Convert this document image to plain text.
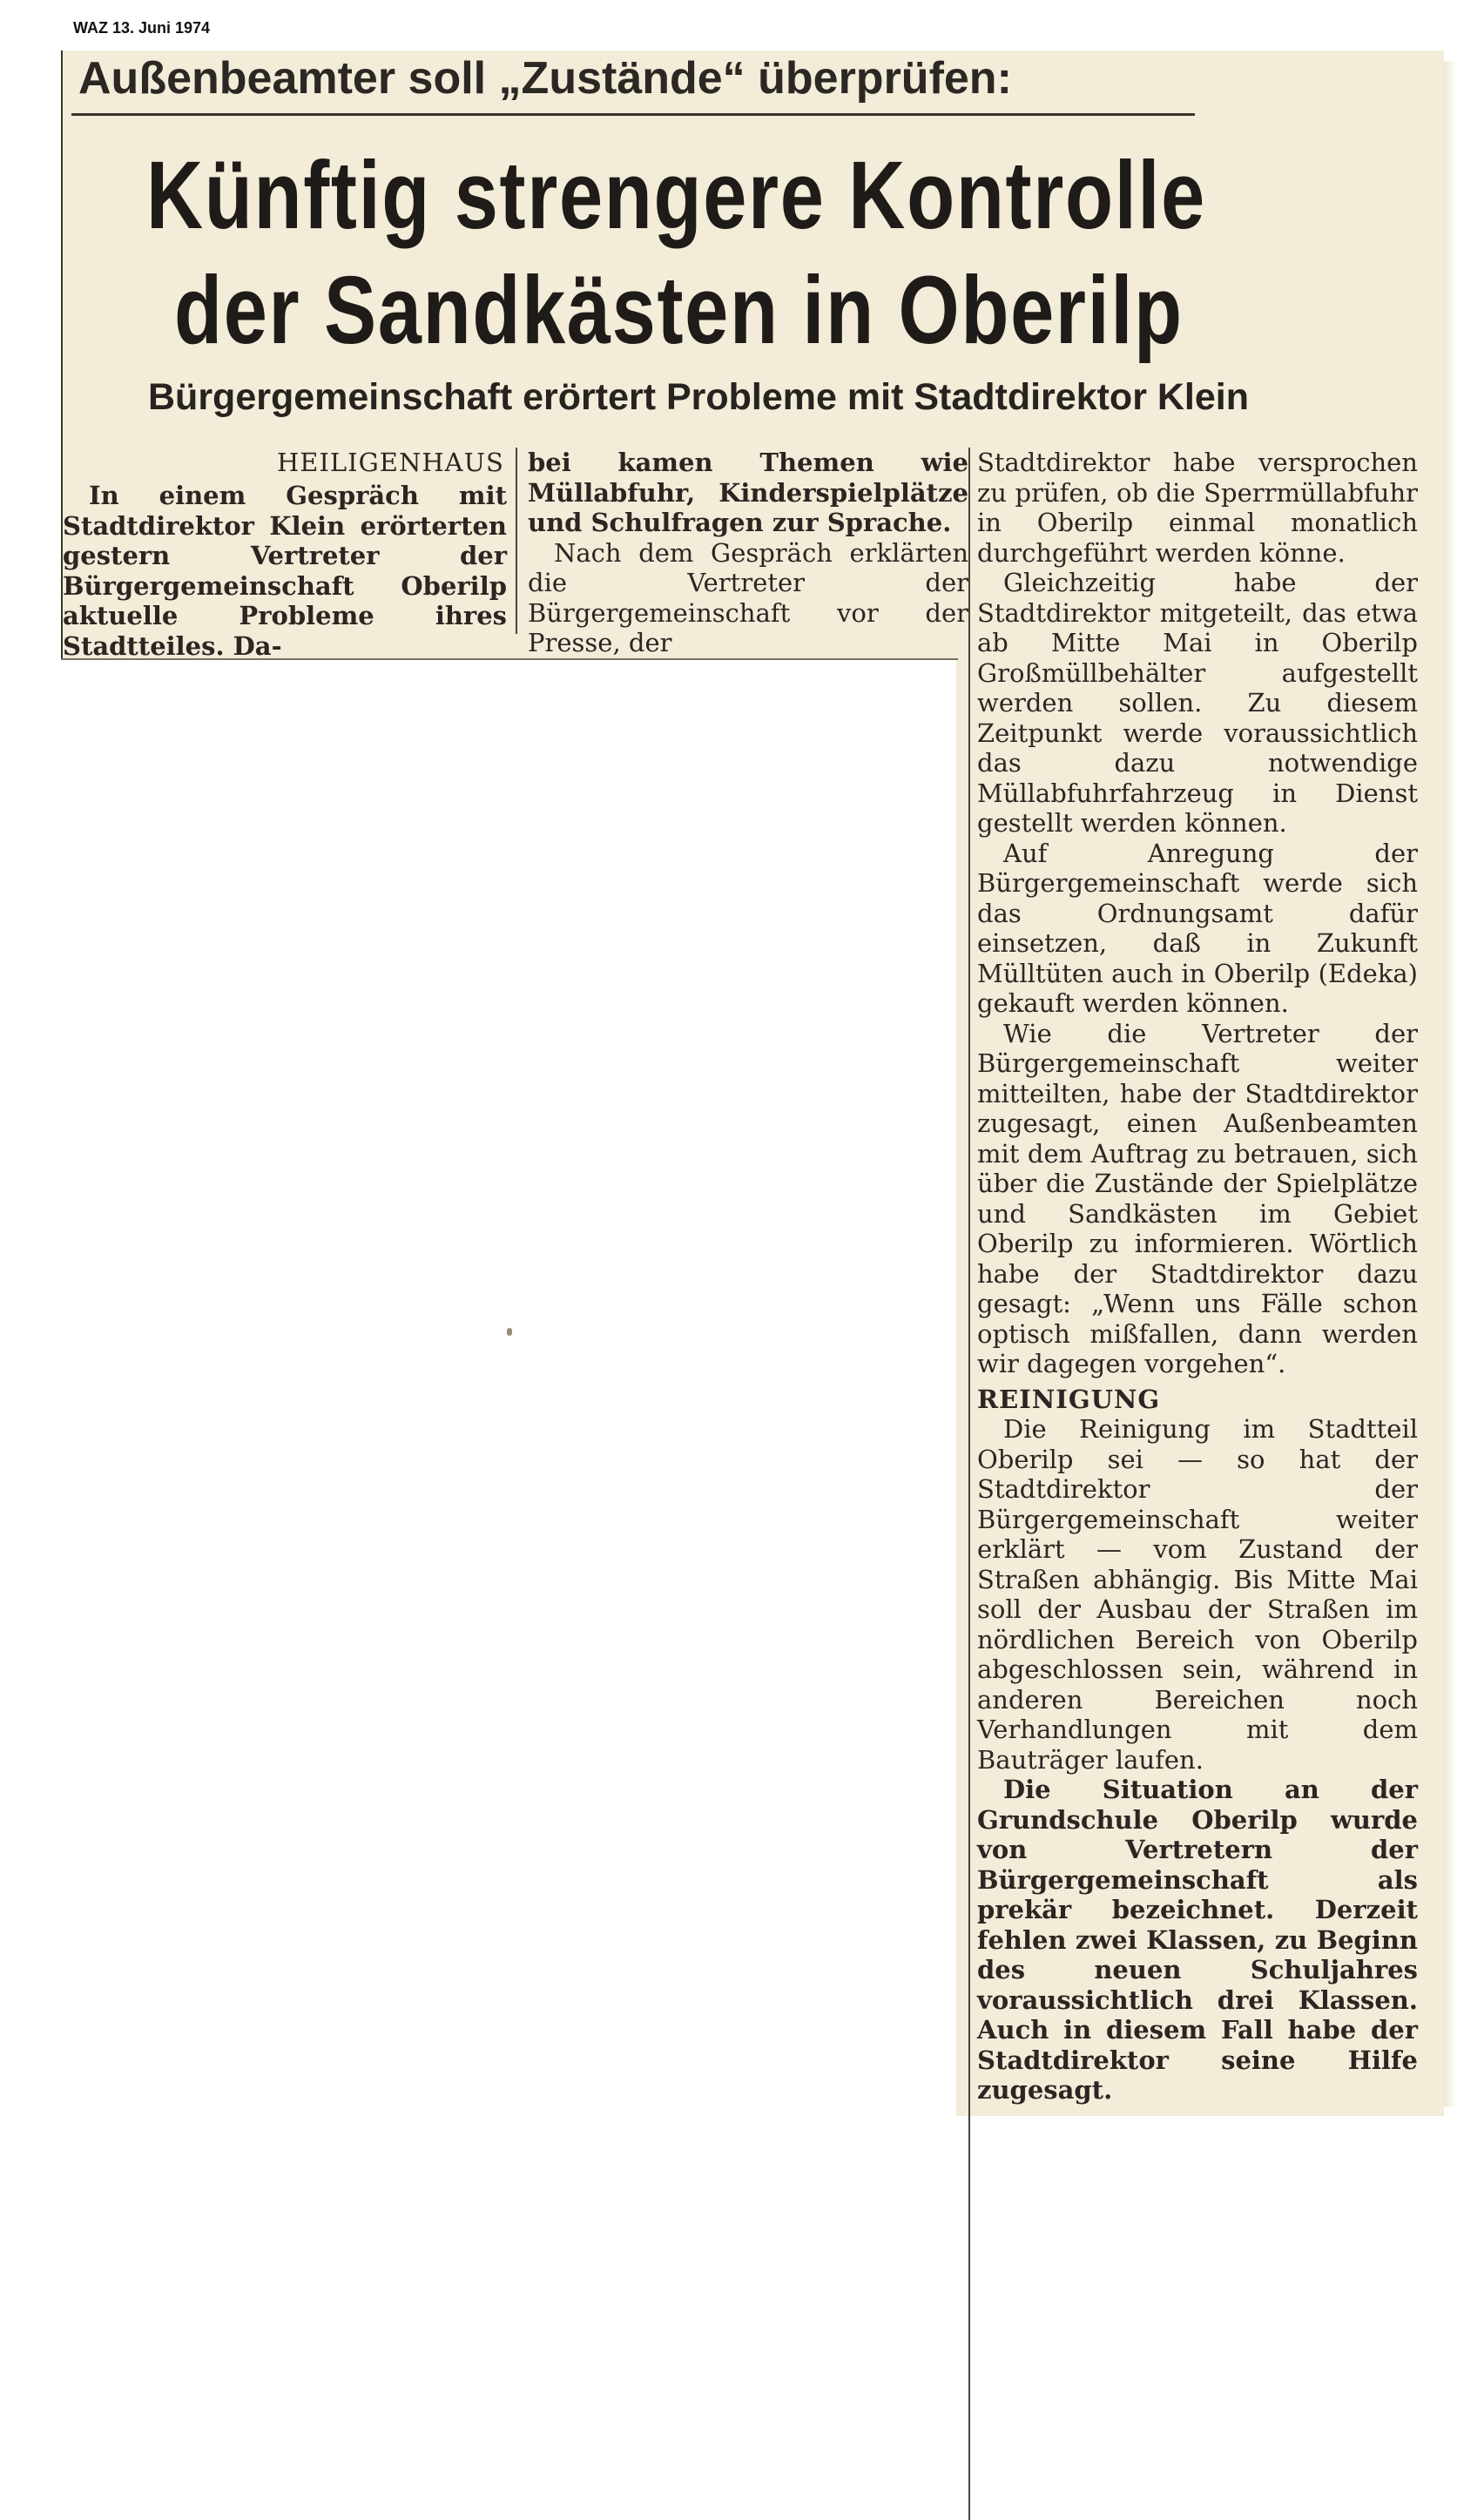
WAZ 13. Juni 1974
Außenbeamter soll „Zustände“ überprüfen:
Künftig strengere Kontrolle
der Sandkästen in Oberilp
Bürgergemeinschaft erörtert Probleme mit Stadtdirektor Klein
HEILIGENHAUS

In einem Gespräch mit Stadtdirektor Klein erörterten gestern Vertreter der Bürgergemeinschaft Oberilp aktuelle Probleme ihres Stadtteiles. Da-

bei kamen Themen wie Müllabfuhr, Kinderspielplätze und Schulfragen zur Sprache.

Nach dem Gespräch erklärten die Vertreter der Bürgergemeinschaft vor der Presse, der

Stadtdirektor habe versprochen zu prüfen, ob die Sperrmüllabfuhr in Oberilp einmal monatlich durchgeführt werden könne.

Gleichzeitig habe der Stadtdirektor mitgeteilt, das etwa ab Mitte Mai in Oberilp Großmüllbehälter aufgestellt werden sollen. Zu diesem Zeitpunkt werde voraussichtlich das dazu notwendige Müllabfuhrfahrzeug in Dienst gestellt werden können.

Auf Anregung der Bürgergemeinschaft werde sich das Ordnungsamt dafür einsetzen, daß in Zukunft Mülltüten auch in Oberilp (Edeka) gekauft werden können.

Wie die Vertreter der Bürgergemeinschaft weiter mitteilten, habe der Stadtdirektor zugesagt, einen Außenbeamten mit dem Auftrag zu betrauen, sich über die Zustände der Spielplätze und Sandkästen im Gebiet Oberilp zu informieren. Wörtlich habe der Stadtdirektor dazu gesagt: „Wenn uns Fälle schon optisch mißfallen, dann werden wir dagegen vorgehen“.

REINIGUNG

Die Reinigung im Stadtteil Oberilp sei — so hat der Stadtdirektor der Bürgergemeinschaft weiter erklärt — vom Zustand der Straßen abhängig. Bis Mitte Mai soll der Ausbau der Straßen im nördlichen Bereich von Oberilp abgeschlossen sein, während in anderen Bereichen noch Verhandlungen mit dem Bauträger laufen.

Die Situation an der Grundschule Oberilp wurde von Vertretern der Bürgergemeinschaft als prekär bezeichnet. Derzeit fehlen zwei Klassen, zu Beginn des neuen Schuljahres voraussichtlich drei Klassen. Auch in diesem Fall habe der Stadtdirektor seine Hilfe zugesagt.
